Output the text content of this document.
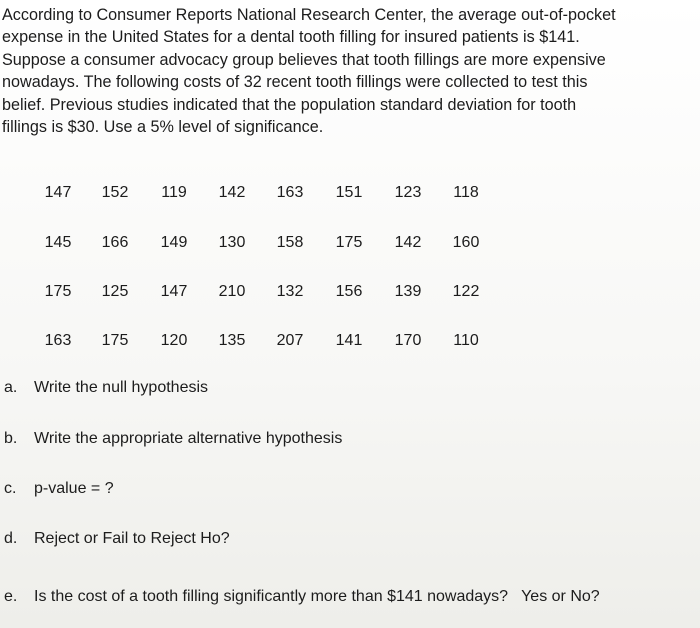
According to Consumer Reports National Research Center, the average out-of-pocket
expense in the United States for a dental tooth filling for insured patients is $141.
Suppose a consumer advocacy group believes that tooth fillings are more expensive
nowadays. The following costs of 32 recent tooth fillings were collected to test this
belief. Previous studies indicated that the population standard deviation for tooth
fillings is $30. Use a 5% level of significance.
147	152	119	142	163	151	123	118
145	166	149	130	158	175	142	160
175	125	147	210	132	156	139	122
163	175	120	135	207	141	170	110
a. Write the null hypothesis
b. Write the appropriate alternative hypothesis
c. p-value = ?
d. Reject or Fail to Reject Ho?
e. Is the cost of a tooth filling significantly more than $141 nowadays?   Yes or No?
